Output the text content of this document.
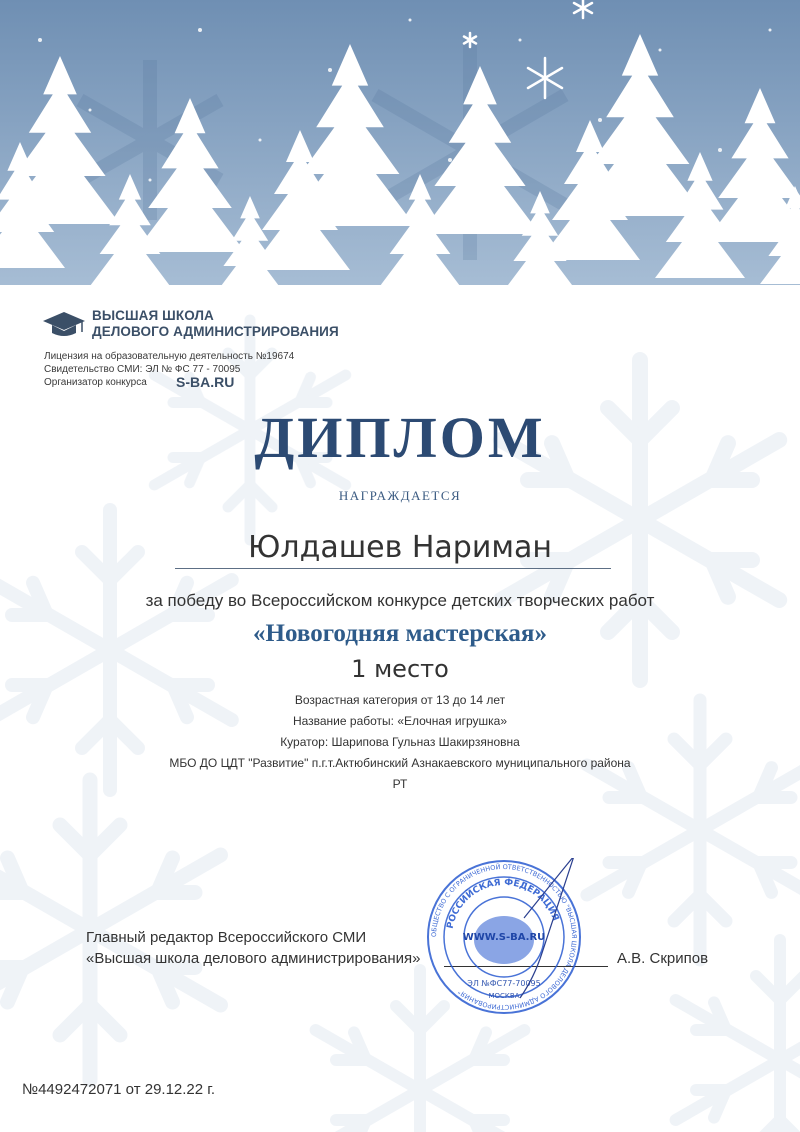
ВЫСШАЯ ШКОЛА
ДЕЛОВОГО АДМИНИСТРИРОВАНИЯ
Лицензия на образовательную деятельность №19674
Свидетельство СМИ: ЭЛ № ФС 77 - 70095
Организатор конкурса S-BA.RU
ДИПЛОМ
НАГРАЖДАЕТСЯ
Юлдашев Нариман
за победу во Всероссийском конкурсе детских творческих работ
«Новогодняя мастерская»
1 место
Возрастная категория от 13 до 14 лет
Название работы: «Елочная игрушка»
Куратор: Шарипова Гульназ Шакирзяновна
МБО ДО ЦДТ "Развитие" п.г.т.Актюбинский Азнакаевского муниципального района
РТ
Главный редактор Всероссийского СМИ
«Высшая школа делового администрирования»	А.В. Скрипов
ОБЩЕСТВО С ОГРАНИЧЕННОЙ ОТВЕТСТВЕННОСТЬЮ "ВЫСШАЯ ШКОЛА ДЕЛОВОГО АДМИНИСТРИРОВАНИЯ"
РОССИЙСКАЯ ФЕДЕРАЦИЯ
WWW.S-BA.RU
ЭЛ №ФС77-70095
МОСКВА
№4492472071 от 29.12.22 г.
